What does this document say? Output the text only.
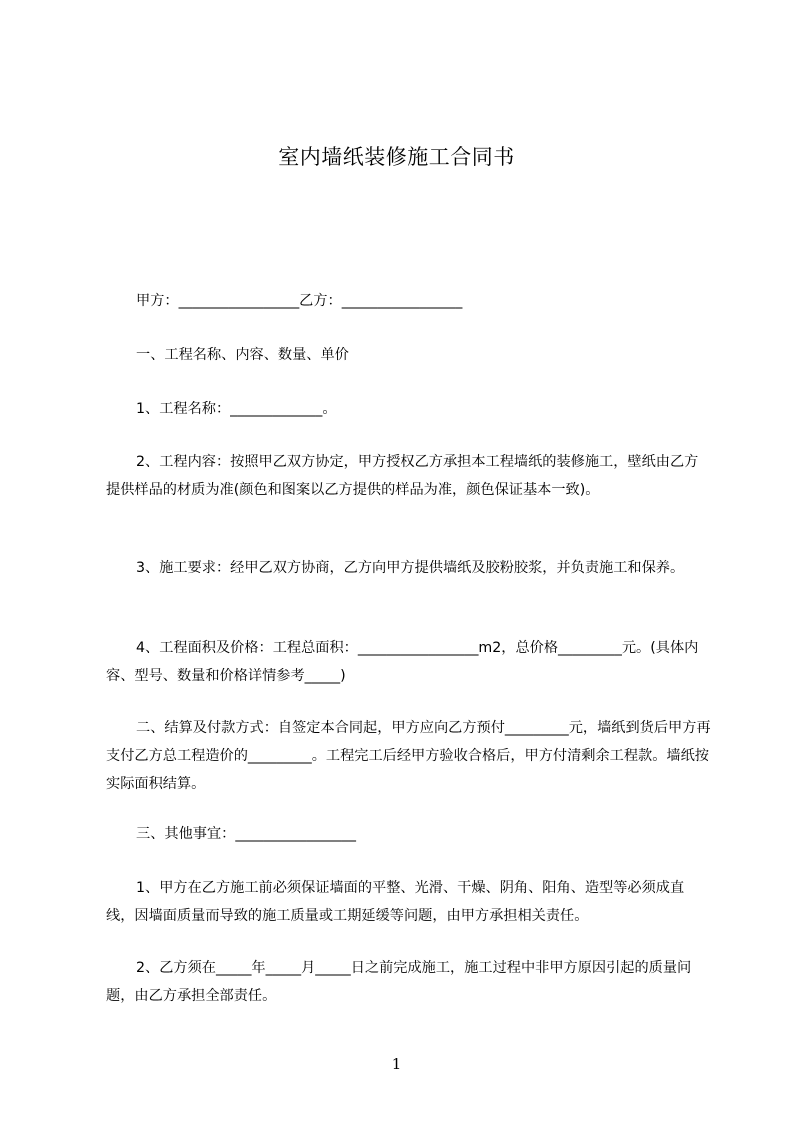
室内墙纸装修施工合同书

甲方：_________________乙方：_________________

一、工程名称、内容、数量、单价

1、工程名称：_____________。

2、工程内容：按照甲乙双方协定，甲方授权乙方承担本工程墙纸的装修施工，壁纸由乙方提供样品的材质为准(颜色和图案以乙方提供的样品为准，颜色保证基本一致)。

3、施工要求：经甲乙双方协商，乙方向甲方提供墙纸及胶粉胶浆，并负责施工和保养。

4、工程面积及价格：工程总面积：_________________m2，总价格_________元。(具体内容、型号、数量和价格详情参考_____)

二、结算及付款方式：自签定本合同起，甲方应向乙方预付_________元，墙纸到货后甲方再支付乙方总工程造价的_________。工程完工后经甲方验收合格后，甲方付清剩余工程款。墙纸按实际面积结算。

三、其他事宜：_________________

1、甲方在乙方施工前必须保证墙面的平整、光滑、干燥、阴角、阳角、造型等必须成直线，因墙面质量而导致的施工质量或工期延缓等问题，由甲方承担相关责任。

2、乙方须在_____年_____月_____日之前完成施工，施工过程中非甲方原因引起的质量问题，由乙方承担全部责任。

1
